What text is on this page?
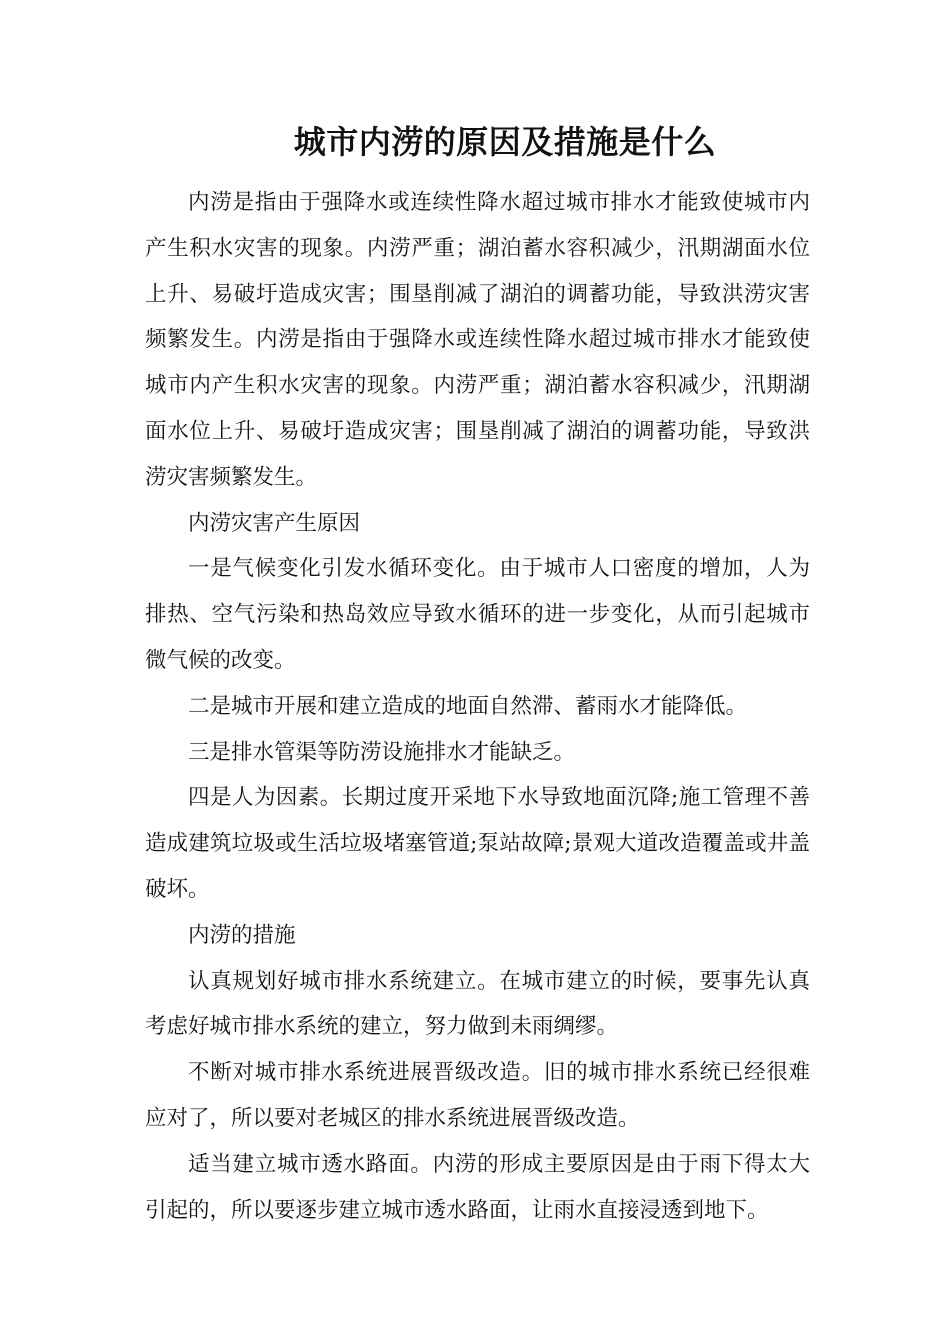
城市内涝的原因及措施是什么

内涝是指由于强降水或连续性降水超过城市排水才能致使城市内产生积水灾害的现象。内涝严重；湖泊蓄水容积减少，汛期湖面水位上升、易破圩造成灾害；围垦削减了湖泊的调蓄功能，导致洪涝灾害频繁发生。内涝是指由于强降水或连续性降水超过城市排水才能致使城市内产生积水灾害的现象。内涝严重；湖泊蓄水容积减少，汛期湖面水位上升、易破圩造成灾害；围垦削减了湖泊的调蓄功能，导致洪涝灾害频繁发生。

内涝灾害产生原因

一是气候变化引发水循环变化。由于城市人口密度的增加，人为排热、空气污染和热岛效应导致水循环的进一步变化，从而引起城市微气候的改变。

二是城市开展和建立造成的地面自然滞、蓄雨水才能降低。

三是排水管渠等防涝设施排水才能缺乏。

四是人为因素。长期过度开采地下水导致地面沉降;施工管理不善造成建筑垃圾或生活垃圾堵塞管道;泵站故障;景观大道改造覆盖或井盖破坏。

内涝的措施

认真规划好城市排水系统建立。在城市建立的时候，要事先认真考虑好城市排水系统的建立，努力做到未雨绸缪。

不断对城市排水系统进展晋级改造。旧的城市排水系统已经很难应对了，所以要对老城区的排水系统进展晋级改造。

适当建立城市透水路面。内涝的形成主要原因是由于雨下得太大引起的，所以要逐步建立城市透水路面，让雨水直接浸透到地下。
